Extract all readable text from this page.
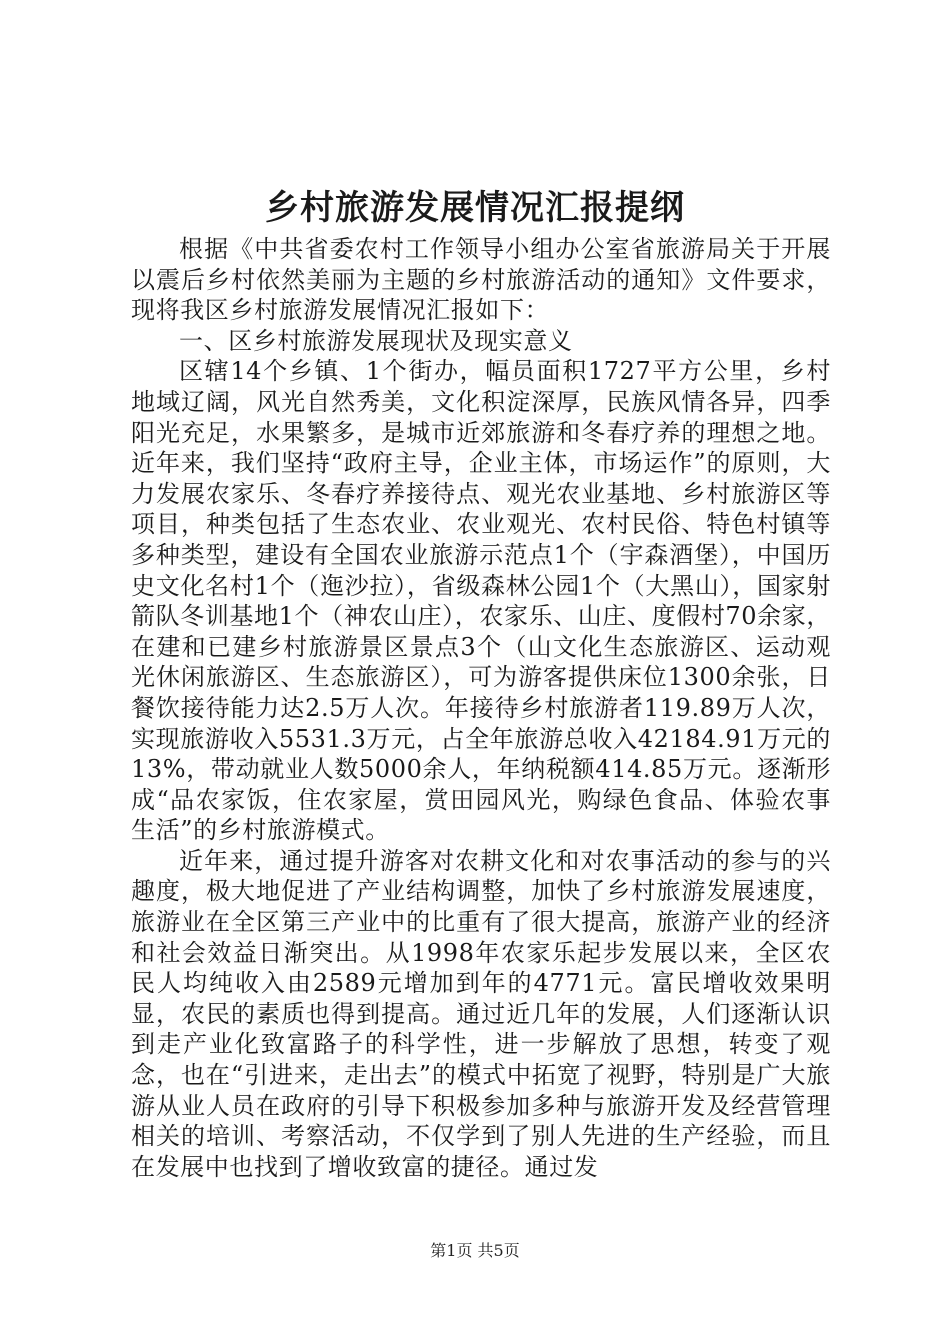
乡村旅游发展情况汇报提纲

根据《中共省委农村工作领导小组办公室省旅游局关于开展以震后乡村依然美丽为主题的乡村旅游活动的通知》文件要求，现将我区乡村旅游发展情况汇报如下：

一、区乡村旅游发展现状及现实意义

区辖14个乡镇、1个街办，幅员面积1727平方公里，乡村地域辽阔，风光自然秀美，文化积淀深厚，民族风情各异，四季阳光充足，水果繁多，是城市近郊旅游和冬春疗养的理想之地。近年来，我们坚持“政府主导，企业主体，市场运作”的原则，大力发展农家乐、冬春疗养接待点、观光农业基地、乡村旅游区等项目，种类包括了生态农业、农业观光、农村民俗、特色村镇等多种类型，建设有全国农业旅游示范点1个（宇森酒堡），中国历史文化名村1个（迤沙拉），省级森林公园1个（大黑山），国家射箭队冬训基地1个（神农山庄），农家乐、山庄、度假村70余家，在建和已建乡村旅游景区景点3个（山文化生态旅游区、运动观光休闲旅游区、生态旅游区），可为游客提供床位1300余张，日餐饮接待能力达2.5万人次。年接待乡村旅游者119.89万人次，实现旅游收入5531.3万元，占全年旅游总收入42184.91万元的13%，带动就业人数5000余人，年纳税额414.85万元。逐渐形成“品农家饭，住农家屋，赏田园风光，购绿色食品、体验农事生活”的乡村旅游模式。

近年来，通过提升游客对农耕文化和对农事活动的参与的兴趣度，极大地促进了产业结构调整，加快了乡村旅游发展速度，旅游业在全区第三产业中的比重有了很大提高，旅游产业的经济和社会效益日渐突出。从1998年农家乐起步发展以来，全区农民人均纯收入由2589元增加到年的4771元。富民增收效果明显，农民的素质也得到提高。通过近几年的发展，人们逐渐认识到走产业化致富路子的科学性，进一步解放了思想，转变了观念，也在“引进来，走出去”的模式中拓宽了视野，特别是广大旅游从业人员在政府的引导下积极参加多种与旅游开发及经营管理相关的培训、考察活动，不仅学到了别人先进的生产经验，而且在发展中也找到了增收致富的捷径。通过发

第1页 共5页
